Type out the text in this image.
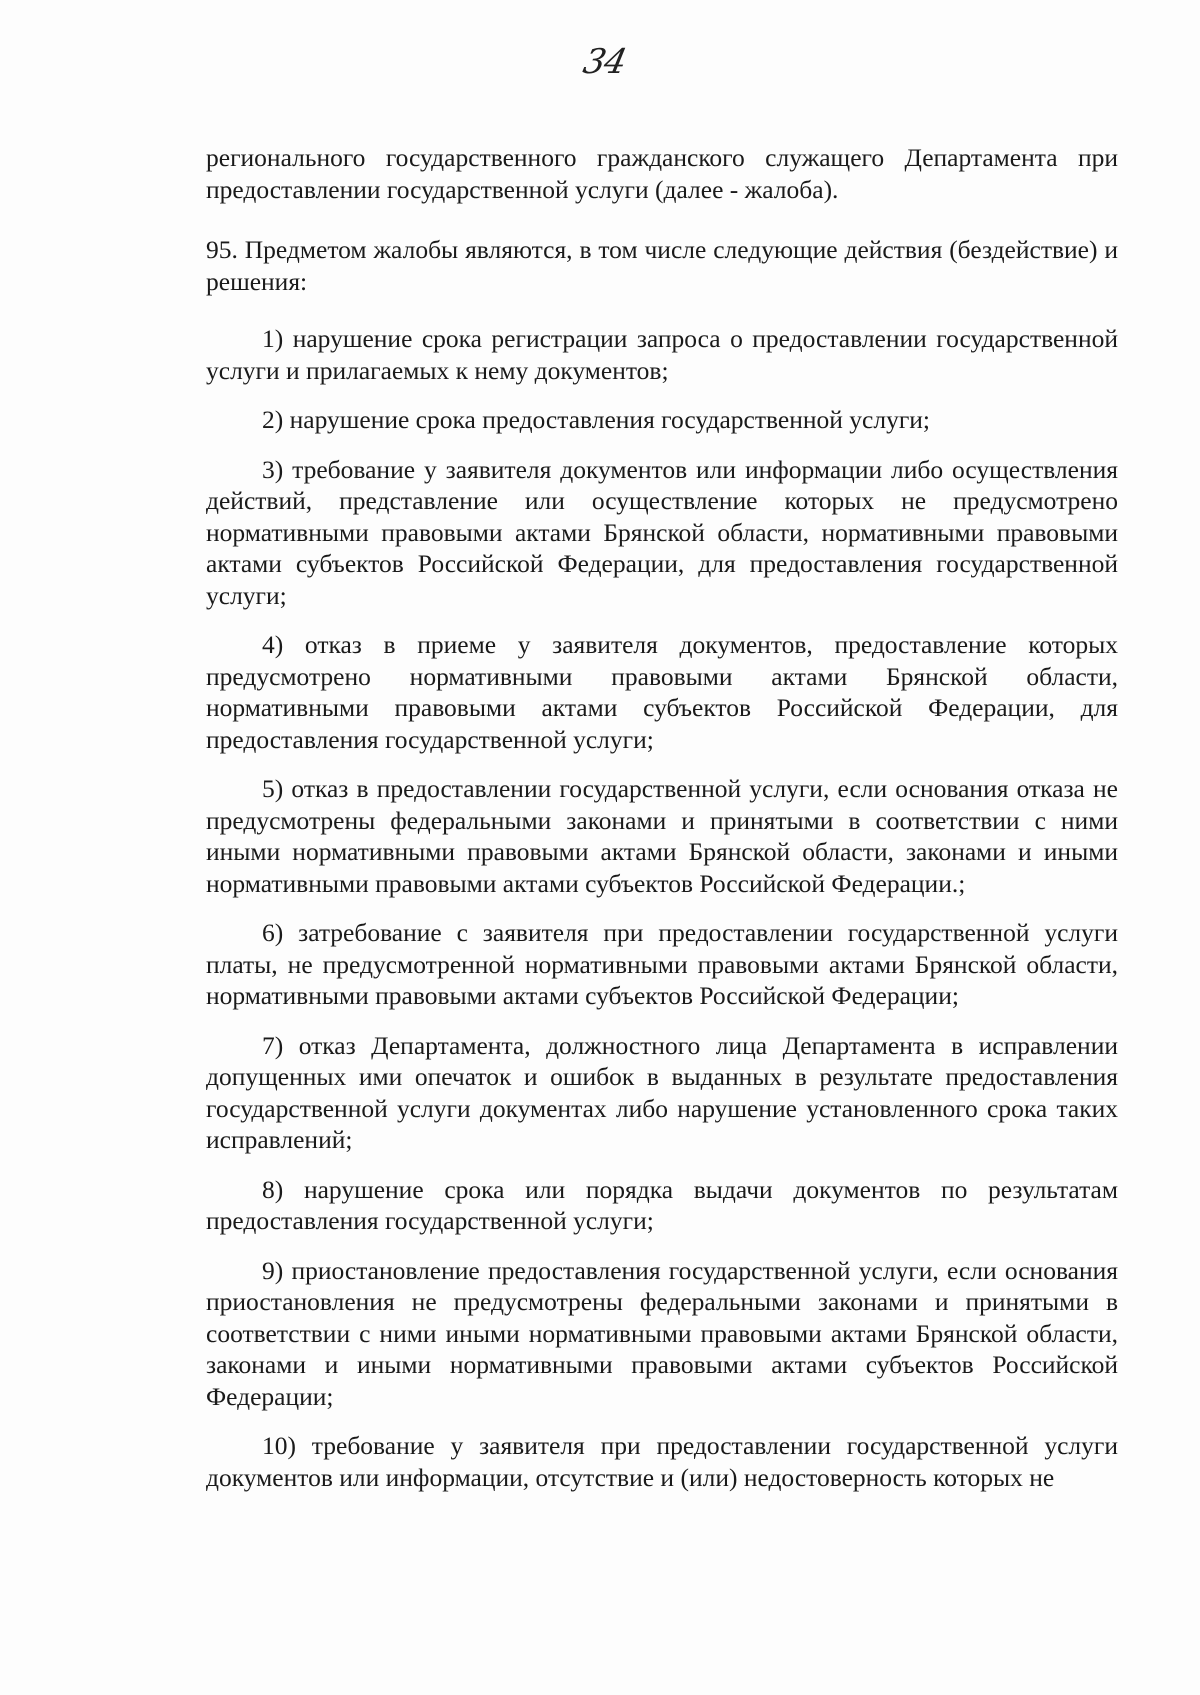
34

регионального государственного гражданского служащего Департамента при предоставлении государственной услуги (далее - жалоба).

95. Предметом жалобы являются, в том числе следующие действия (бездействие) и решения:

1) нарушение срока регистрации запроса о предоставлении государственной услуги и прилагаемых к нему документов;

2) нарушение срока предоставления государственной услуги;

3) требование у заявителя документов или информации либо осуществления действий, представление или осуществление которых не предусмотрено нормативными правовыми актами Брянской области, нормативными правовыми актами субъектов Российской Федерации, для предоставления государственной услуги;

4) отказ в приеме у заявителя документов, предоставление которых предусмотрено нормативными правовыми актами Брянской области, нормативными правовыми актами субъектов Российской Федерации, для предоставления государственной услуги;

5) отказ в предоставлении государственной услуги, если основания отказа не предусмотрены федеральными законами и принятыми в соответствии с ними иными нормативными правовыми актами Брянской области, законами и иными нормативными правовыми актами субъектов Российской Федерации.;

6) затребование с заявителя при предоставлении государственной услуги платы, не предусмотренной нормативными правовыми актами Брянской области, нормативными правовыми актами субъектов Российской Федерации;

7) отказ Департамента, должностного лица Департамента в исправлении допущенных ими опечаток и ошибок в выданных в результате предоставления государственной услуги документах либо нарушение установленного срока таких исправлений;

8) нарушение срока или порядка выдачи документов по результатам предоставления государственной услуги;

9) приостановление предоставления государственной услуги, если основания приостановления не предусмотрены федеральными законами и принятыми в соответствии с ними иными нормативными правовыми актами Брянской области, законами и иными нормативными правовыми актами субъектов Российской Федерации;

10) требование у заявителя при предоставлении государственной услуги документов или информации, отсутствие и (или) недостоверность которых не
